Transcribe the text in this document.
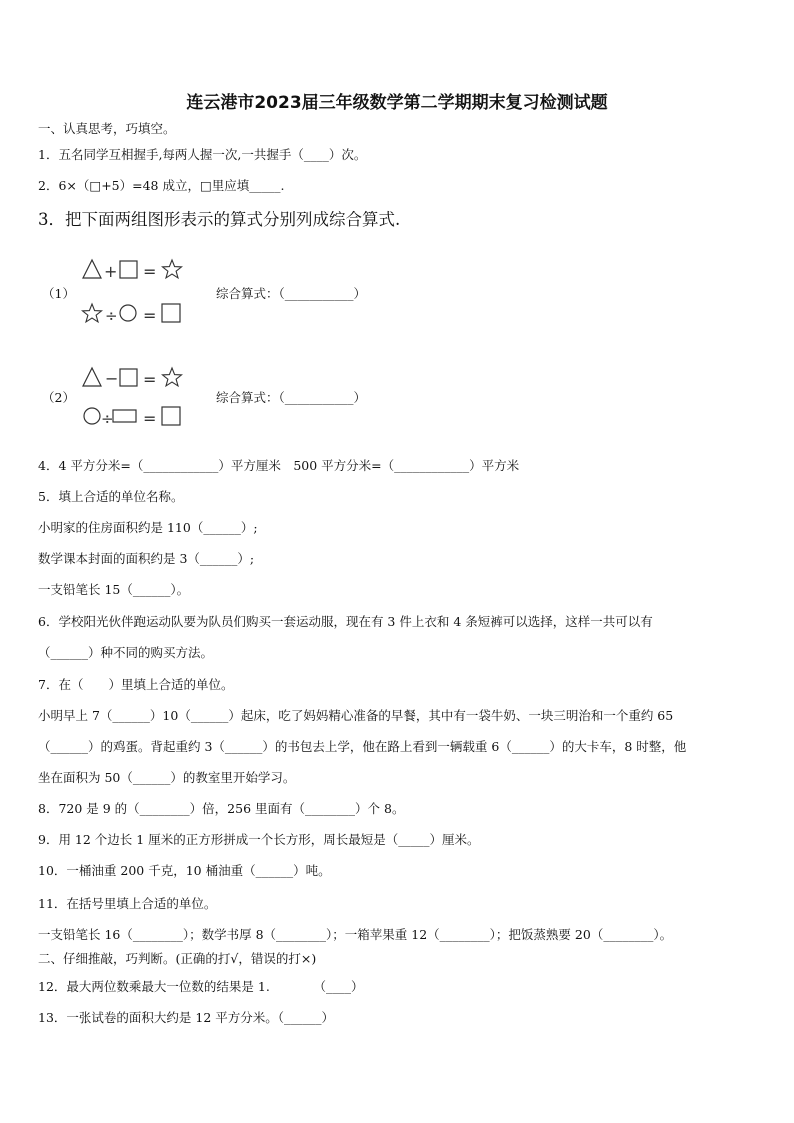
连云港市2023届三年级数学第二学期期末复习检测试题
一、认真思考，巧填空。
1．五名同学互相握手,每两人握一次,一共握手（____）次。
2．6×（□+5）=48 成立，□里应填_____.
3．把下面两组图形表示的算式分别列成综合算式.
（1）
+ =
÷ =
综合算式：（___________）
（2）
− =
÷ =
综合算式：（___________）
4．4 平方分米=（____________）平方厘米　500 平方分米=（____________）平方米
5．填上合适的单位名称。
小明家的住房面积约是 110（______）;
数学课本封面的面积约是 3（______）;
一支铅笔长 15（______）。
6．学校阳光伙伴跑运动队要为队员们购买一套运动服，现在有 3 件上衣和 4 条短裤可以选择，这样一共可以有
（______）种不同的购买方法。
7．在（　　）里填上合适的单位。
小明早上 7（______）10（______）起床，吃了妈妈精心准备的早餐，其中有一袋牛奶、一块三明治和一个重约 65
（______）的鸡蛋。背起重约 3（______）的书包去上学，他在路上看到一辆载重 6（______）的大卡车，8 时整，他
坐在面积为 50（______）的教室里开始学习。
8．720 是 9 的（________）倍，256 里面有（________）个 8。
9．用 12 个边长 1 厘米的正方形拼成一个长方形，周长最短是（_____）厘米。
10．一桶油重 200 千克，10 桶油重（______）吨。
11．在括号里填上合适的单位。
一支铅笔长 16（________）；数学书厚 8（________）；一箱苹果重 12（________）；把饭蒸熟要 20（________）。
二、仔细推敲，巧判断。(正确的打√，错误的打×)
12．最大两位数乘最大一位数的结果是 1.　　　　（____）
13．一张试卷的面积大约是 12 平方分米。（______）
